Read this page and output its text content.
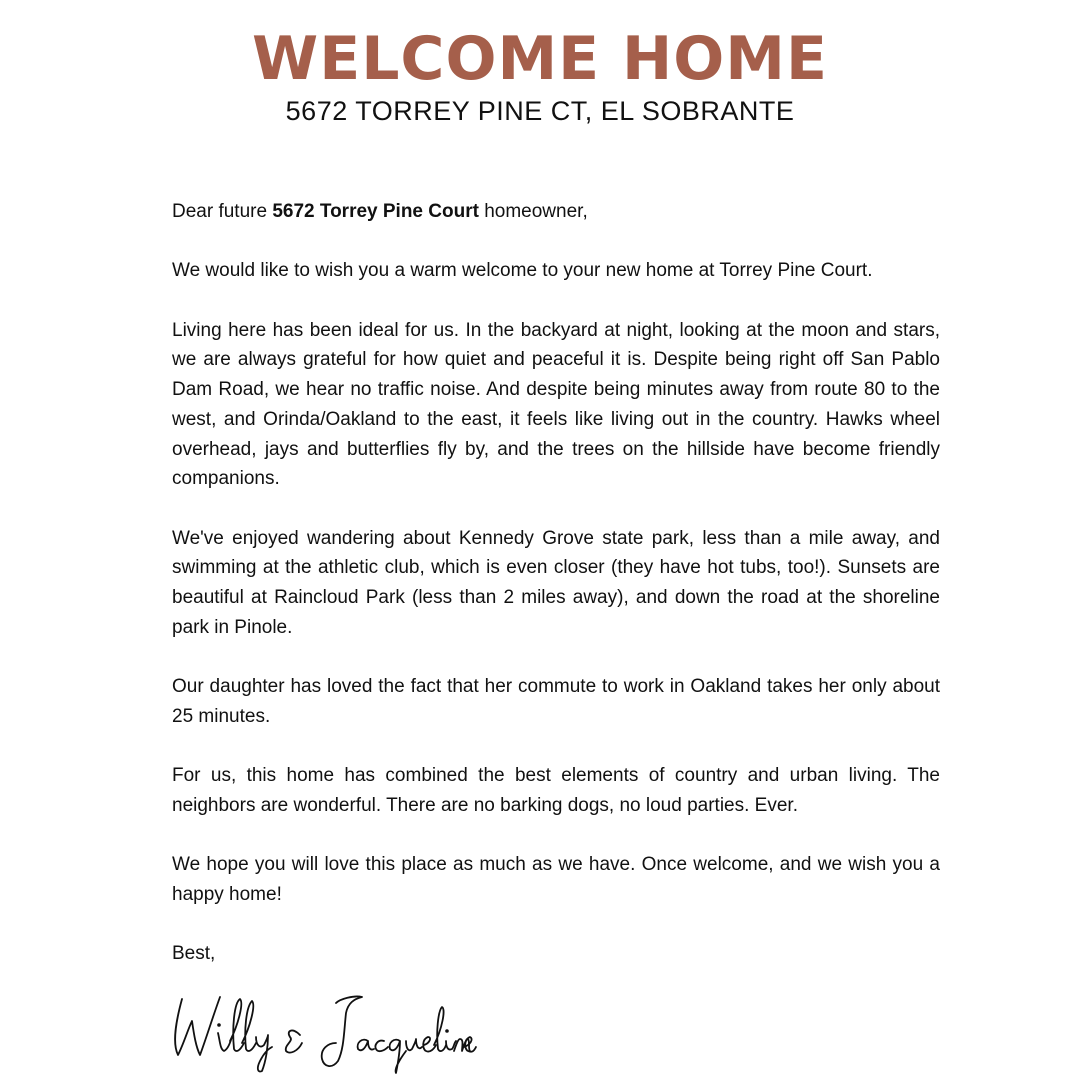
WELCOME HOME
5672 TORREY PINE CT, EL SOBRANTE

Dear future 5672 Torrey Pine Court homeowner,

We would like to wish you a warm welcome to your new home at Torrey Pine Court.

Living here has been ideal for us. In the backyard at night, looking at the moon and stars, we are always grateful for how quiet and peaceful it is. Despite being right off San Pablo Dam Road, we hear no traffic noise. And despite being minutes away from route 80 to the west, and Orinda/Oakland to the east, it feels like living out in the country. Hawks wheel overhead, jays and butterflies fly by, and the trees on the hillside have become friendly companions.

We've enjoyed wandering about Kennedy Grove state park, less than a mile away, and swimming at the athletic club, which is even closer (they have hot tubs, too!). Sunsets are beautiful at Raincloud Park (less than 2 miles away), and down the road at the shoreline park in Pinole.

Our daughter has loved the fact that her commute to work in Oakland takes her only about 25 minutes.

For us, this home has combined the best elements of country and urban living. The neighbors are wonderful. There are no barking dogs, no loud parties. Ever.

We hope you will love this place as much as we have. Once welcome, and we wish you a happy home!

Best,
